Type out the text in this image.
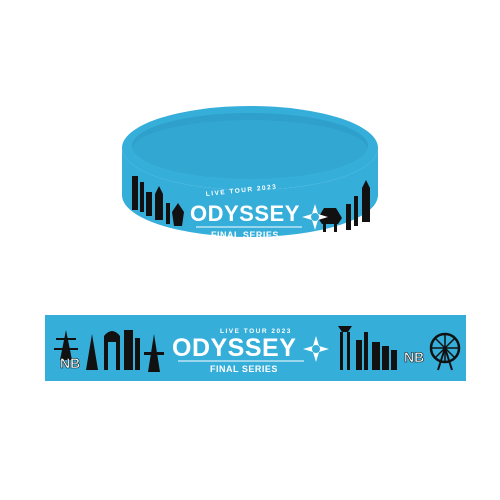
LIVE TOUR 2023
ODYSSEY
FINAL SERIES
NB	NB
LIVE TOUR 2023
ODYSSEY
FINAL SERIES
